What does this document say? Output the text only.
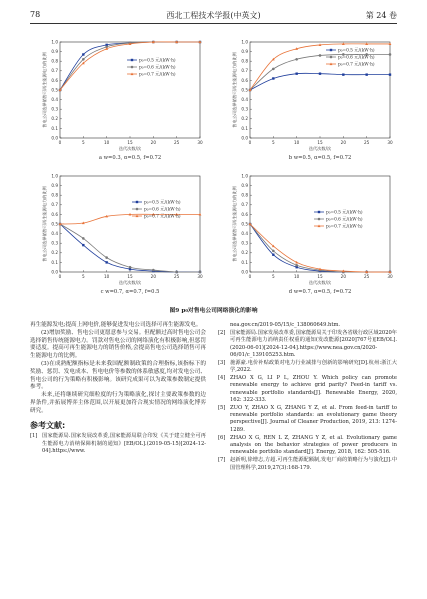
78	西北工程技术学报(中英文)	第 24 卷
0.0
0.1
0.2
0.3
0.4
0.5
0.6
0.7
0.8
0.9
1.0
0	5	10	15	20	25	30
迭代次数/次
售电公司选择销售可再生能源电力的比例	p₀=0.5 元/(kW·h)
p₀=0.6 元/(kW·h)
p₀=0.7 元/(kW·h)
a w=0.3, α=0.5, f=0.72
0.0
0.1
0.2
0.3
0.4
0.5
0.6
0.7
0.8
0.9
1.0
0	5	10	15	20	25	30
迭代次数/次
售电公司选择销售可再生能源电力的比例
p₀=0.5 元/(kW·h)
p₀=0.6 元/(kW·h)
p₀=0.7 元/(kW·h)
b w=0.5, α=0.5, f=0.72
0.0
0.1
0.2
0.3
0.4
0.5
0.6
0.7
0.8
0.9
1.0
0	5	10	15	20	25	30
迭代次数/次
售电公司选择销售可再生能源电力的比例	p₀=0.5 元/(kW·h)
p₀=0.6 元/(kW·h)
p₀=0.7 元/(kW·h)
c w=0.7, α=0.7, f=0.5
0.0
0.1
0.2
0.3
0.4
0.5
0.6
0.7
0.8
0.9
1.0
0	5	10	15	20	25	30
迭代次数/次
售电公司选择销售可再生能源电力的比例	p₀=0.5 元/(kW·h)
p₀=0.6 元/(kW·h)
p₀=0.7 元/(kW·h)
d w=0.7, α=0.5, f=0.72
图9 p₀对售电公司网络演化的影响

再生能源发电;提高上网电价,能够促进发电公司选择可再生能源发电。

(2)增加奖励、售电公司更愿意参与交易。但配额过高时售电公司会选择销售传统能源电力。罚款对售电公司的网络演化有积极影响,但惩罚要适度。提高可再生能源电力的销售价格,会提高售电公司选择销售可再生能源电力的比例。

(3)在成熟配额指标是未来我国配额制政策的合理指标,该指标下的奖励、惩罚、发电成本、售电电价等参数的体系敏感度,均对发电公司、售电公司的行为策略有积极影响。该研究成果可以为政策参数制定提供参考。

未来,还将继续研究细粒度的行为策略演化,探讨主要政策参数的边界条件,并拓展博弈主体范围,以开展更加符合现实情况的网络演化博弈研究。

参考文献:

[1] 国家能源局.国家发展改革委,国家能源局联合印发《关于建立健全可再生能源电力消纳保障机制的通知》[EB/OL].(2019-05-15)[2024-12-04].https://www.

nea.gov.cn/2019-05/15/c_138060649.htm.

[2] 国家能源局.国家发展改革委,国家能源局关于印发各省级行政区域2020年可再生能源电力消纳责任权重的通知(发改能源[2020]767号)[EB/OL].(2020-06-01)[2024-12-04].https://www.nea.gov.cn/2020-06/01/c_139105253.htm.

[3] 施源豪.电价补贴政策对电力行业减排与创新的影响研究[D].杭州:浙江大学,2022.

[4] ZHAO X G, LI P L, ZHOU Y. Which policy can promote renewable energy to achieve grid parity? Feed-in tariff vs. renewable portfolio standards[J]. Renewable Energy, 2020, 162: 322-333.

[5] ZUO Y, ZHAO X G, ZHANG Y Z, et al. From feed-in tariff to renewable portfolio standards: an evolutionary game theory perspective[J]. Journal of Cleaner Production, 2019, 213: 1274-1289.

[6] ZHAO X G, REN L Z, ZHANG Y Z, et al. Evolutionary game analysis on the behavior strategies of power producers in renewable portfolio standard[J]. Energy, 2018, 162: 505-516.

[7] 赵新明,徐增志,方超.可再生能源配额制,发电厂商的策略行为与演化[J].中国管理科学,2019,27(3):168-179.
